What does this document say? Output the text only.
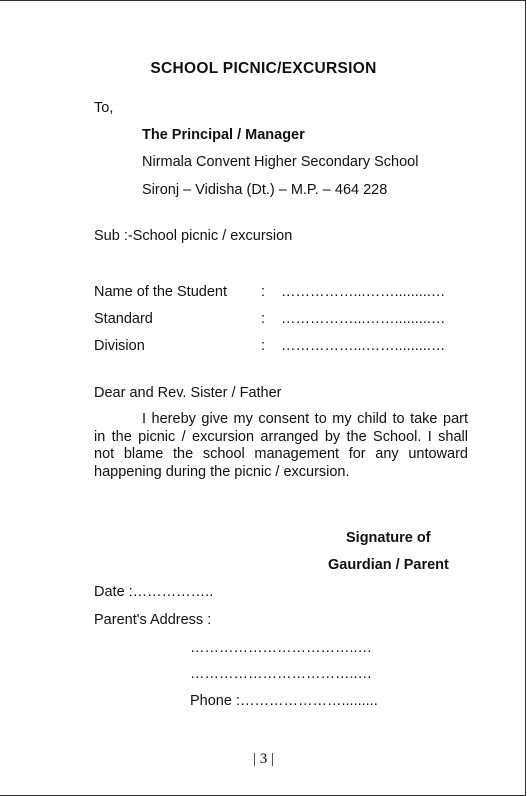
SCHOOL PICNIC/EXCURSION
To,
The Principal / Manager
Nirmala Convent Higher Secondary School
Sironj – Vidisha (Dt.) – M.P. – 464 228
Sub :-School picnic / excursion
Name of the Student : ……………...…….........…
Standard	: ……………...…….........…
Division	: ……………...…….........…
Dear and Rev. Sister / Father
I hereby give my consent to my child to take part in the picnic / excursion arranged by the School. I shall not blame the school management for any untoward happening during the picnic / excursion.
Signature of
Gaurdian / Parent
Date :……………..
Parent's Address :
……………………………..…
……………………………..…
Phone :………………….........
| 3 |
